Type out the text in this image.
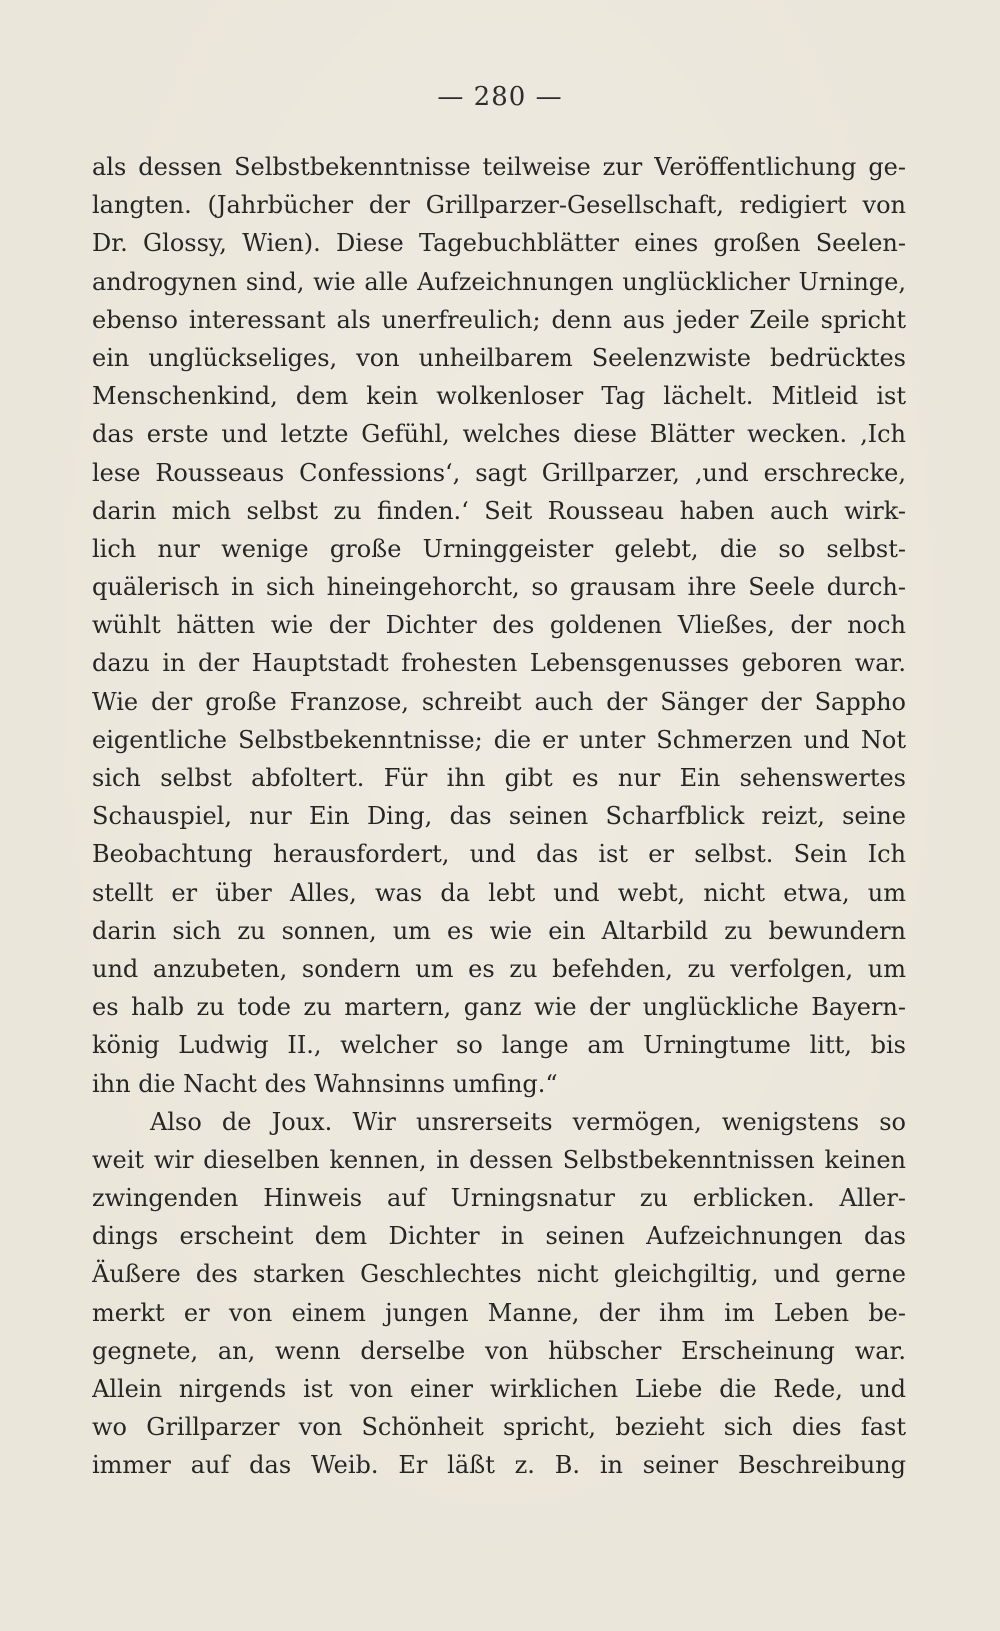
— 280 —
als dessen Selbstbekenntnisse teilweise zur Veröffentlichung ge-
langten. (Jahrbücher der Grillparzer-Gesellschaft, redigiert von
Dr. Glossy, Wien). Diese Tagebuchblätter eines großen Seelen-
androgynen sind, wie alle Aufzeichnungen unglücklicher Urninge,
ebenso interessant als unerfreulich; denn aus jeder Zeile spricht
ein unglückseliges, von unheilbarem Seelenzwiste bedrücktes
Menschenkind, dem kein wolkenloser Tag lächelt. Mitleid ist
das erste und letzte Gefühl, welches diese Blätter wecken. ‚Ich
lese Rousseaus Confessions‘, sagt Grillparzer, ‚und erschrecke,
darin mich selbst zu finden.‘ Seit Rousseau haben auch wirk-
lich nur wenige große Urninggeister gelebt, die so selbst-
quälerisch in sich hineingehorcht, so grausam ihre Seele durch-
wühlt hätten wie der Dichter des goldenen Vließes, der noch
dazu in der Hauptstadt frohesten Lebensgenusses geboren war.
Wie der große Franzose, schreibt auch der Sänger der Sappho
eigentliche Selbstbekenntnisse; die er unter Schmerzen und Not
sich selbst abfoltert. Für ihn gibt es nur Ein sehenswertes
Schauspiel, nur Ein Ding, das seinen Scharfblick reizt, seine
Beobachtung herausfordert, und das ist er selbst. Sein Ich
stellt er über Alles, was da lebt und webt, nicht etwa, um
darin sich zu sonnen, um es wie ein Altarbild zu bewundern
und anzubeten, sondern um es zu befehden, zu verfolgen, um
es halb zu tode zu martern, ganz wie der unglückliche Bayern-
könig Ludwig II., welcher so lange am Urningtume litt, bis
ihn die Nacht des Wahnsinns umfing.“
Also de Joux. Wir unsrerseits vermögen, wenigstens so
weit wir dieselben kennen, in dessen Selbstbekenntnissen keinen
zwingenden Hinweis auf Urningsnatur zu erblicken. Aller-
dings erscheint dem Dichter in seinen Aufzeichnungen das
Äußere des starken Geschlechtes nicht gleichgiltig, und gerne
merkt er von einem jungen Manne, der ihm im Leben be-
gegnete, an, wenn derselbe von hübscher Erscheinung war.
Allein nirgends ist von einer wirklichen Liebe die Rede, und
wo Grillparzer von Schönheit spricht, bezieht sich dies fast
immer auf das Weib. Er läßt z. B. in seiner Beschreibung
